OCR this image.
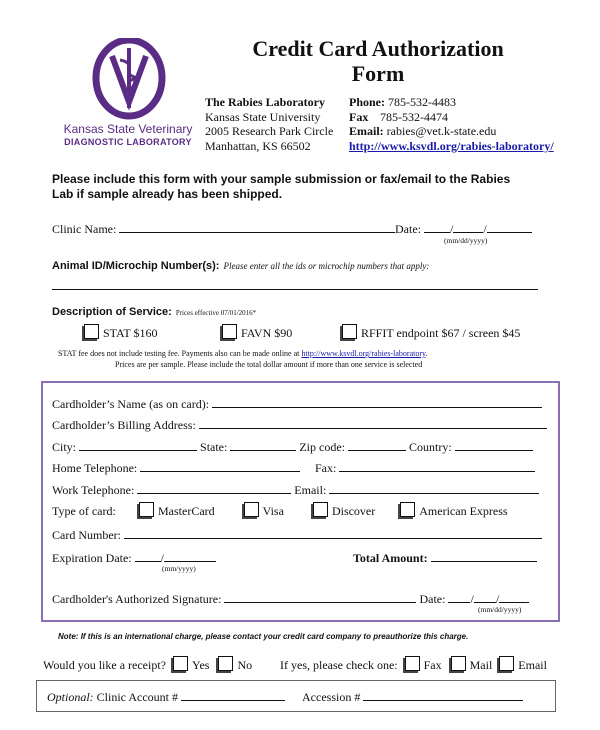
Kansas State Veterinary
DIAGNOSTIC LABORATORY
Credit Card Authorization
Form
The Rabies Laboratory
Kansas State University
2005 Research Park Circle
Manhattan, KS 66502
Phone: 785-532-4483
Fax 785-532-4474
Email: rabies@vet.k-state.edu
http://www.ksvdl.org/rabies-laboratory/
Please include this form with your sample submission or fax/email to the Rabies
Lab if sample already has been shipped.
Clinic Name:	Date: /	/
(mm/dd/yyyy)
Animal ID/Microchip Number(s): Please enter all the ids or microchip numbers that apply:
Description of Service: Prices effective 07/01/2016*
STAT $160	FAVN $90	RFFIT endpoint $67 / screen $45
STAT fee does not include testing fee. Payments also can be made online at http://www.ksvdl.org/rabies-laboratory.
Prices are per sample. Please include the total dollar amount if more than one service is selected
Cardholder’s Name (as on card):
Cardholder’s Billing Address:
City:	State:	Zip code:	Country:
Home Telephone:	Fax:
Work Telephone:	Email:
Type of card:	MasterCard	Visa	Discover	American Express
Card Number:
Expiration Date: /
(mm/yyyy)
Total Amount:
Cardholder's Authorized Signature:	Date: / /
(mm/dd/yyyy)
Note: If this is an international charge, please contact your credit card company to preauthorize this charge.
Would you like a receipt? Yes No If yes, please check one: Fax Mail Email
Optional: Clinic Account #	Accession #
